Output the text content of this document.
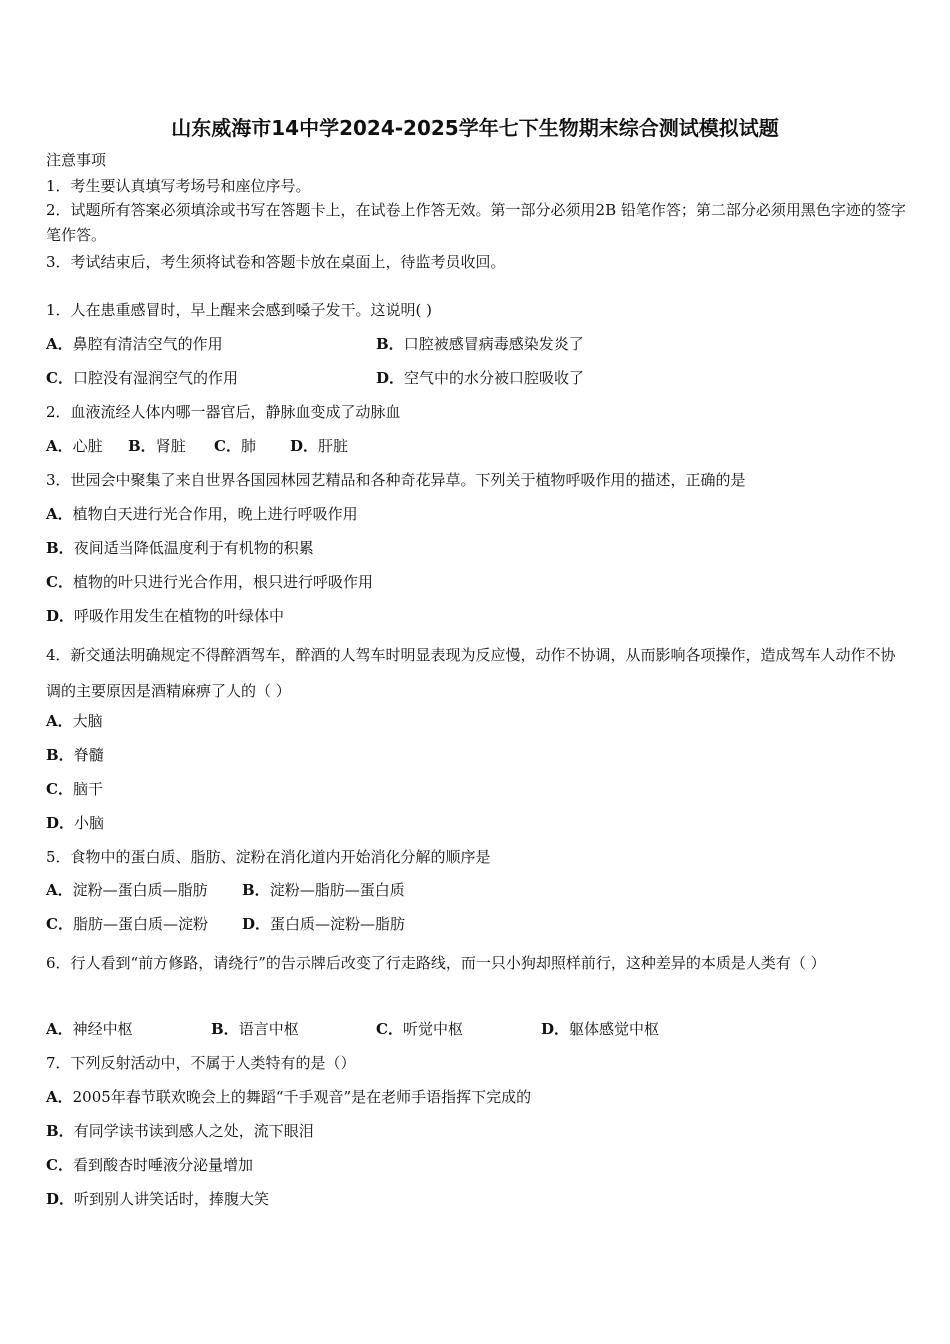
山东威海市14中学2024-2025学年七下生物期末综合测试模拟试题
注意事项
1．考生要认真填写考场号和座位序号。
2．试题所有答案必须填涂或书写在答题卡上，在试卷上作答无效。第一部分必须用2B 铅笔作答；第二部分必须用黑色字迹的签字笔作答。
3．考试结束后，考生须将试卷和答题卡放在桌面上，待监考员收回。
1．人在患重感冒时，早上醒来会感到嗓子发干。这说明( )
A．鼻腔有清洁空气的作用	B．口腔被感冒病毒感染发炎了
C．口腔没有湿润空气的作用	D．空气中的水分被口腔吸收了
2．血液流经人体内哪一器官后，静脉血变成了动脉血
A．心脏 B．肾脏 C．肺 D．肝脏
3．世园会中聚集了来自世界各国园林园艺精品和各种奇花异草。下列关于植物呼吸作用的描述，正确的是
A．植物白天进行光合作用，晚上进行呼吸作用
B．夜间适当降低温度利于有机物的积累
C．植物的叶只进行光合作用，根只进行呼吸作用
D．呼吸作用发生在植物的叶绿体中
4．新交通法明确规定不得醉酒驾车，醉酒的人驾车时明显表现为反应慢，动作不协调，从而影响各项操作，造成驾车人动作不协调的主要原因是酒精麻痹了人的（ ）
A．大脑
B．脊髓
C．脑干
D．小脑
5．食物中的蛋白质、脂肪、淀粉在消化道内开始消化分解的顺序是
A．淀粉—蛋白质—脂肪 B．淀粉—脂肪—蛋白质
C．脂肪—蛋白质—淀粉 D．蛋白质—淀粉—脂肪
6．行人看到“前方修路，请绕行”的告示牌后改变了行走路线，而一只小狗却照样前行，这种差异的本质是人类有（ ）
A．神经中枢	B．语言中枢	C．听觉中枢	D．躯体感觉中枢
7．下列反射活动中，不属于人类特有的是（）
A．2005年春节联欢晚会上的舞蹈“千手观音”是在老师手语指挥下完成的
B．有同学读书读到感人之处，流下眼泪
C．看到酸杏时唾液分泌量增加
D．听到别人讲笑话时，捧腹大笑
